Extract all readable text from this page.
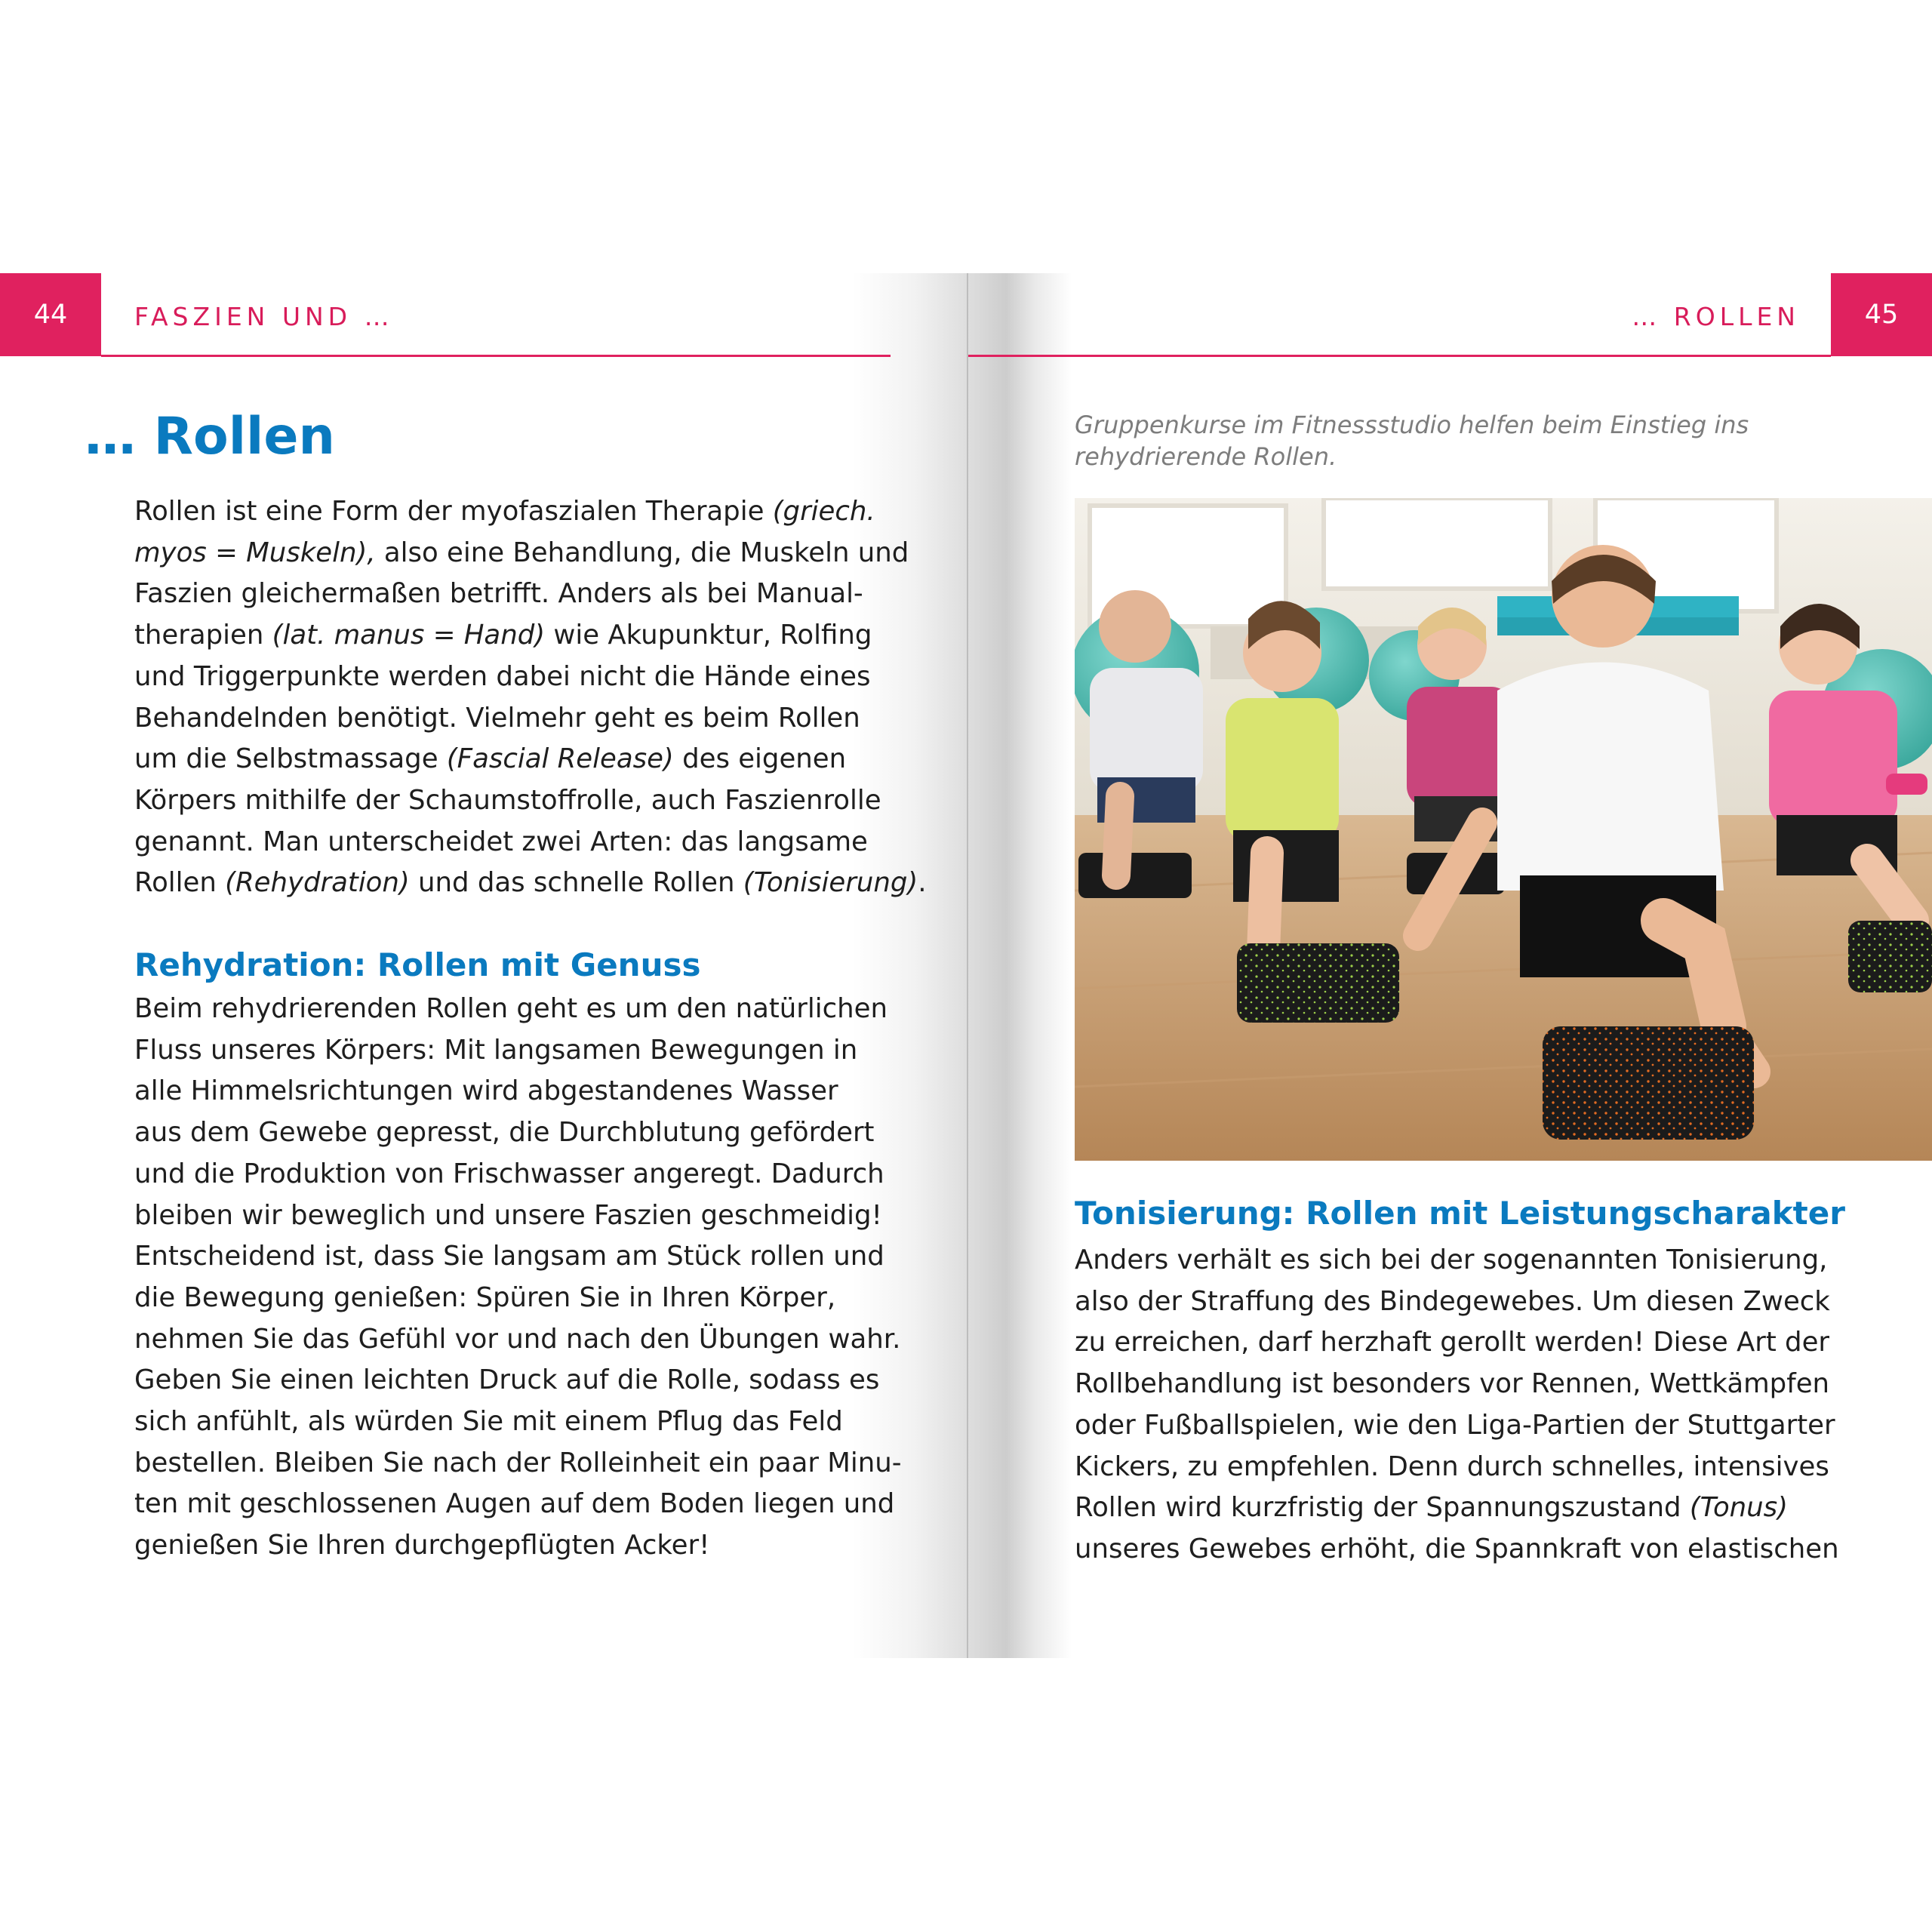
44	FASZIEN UND …	45
… ROLLEN
… Rollen
Rollen ist eine Form der myofaszialen Therapie (griech.
myos = Muskeln), also eine Behandlung, die Muskeln und
Faszien gleichermaßen betrifft. Anders als bei Manual-
therapien (lat. manus = Hand) wie Akupunktur, Rolfing
und Triggerpunkte werden dabei nicht die Hände eines
Behandelnden benötigt. Vielmehr geht es beim Rollen
um die Selbstmassage (Fascial Release) des eigenen
Körpers mithilfe der Schaumstoffrolle, auch Faszienrolle
genannt. Man unterscheidet zwei Arten: das langsame
Rollen (Rehydration) und das schnelle Rollen (Tonisierung).
Rehydration: Rollen mit Genuss
Beim rehydrierenden Rollen geht es um den natürlichen
Fluss unseres Körpers: Mit langsamen Bewegungen in
alle Himmelsrichtungen wird abgestandenes Wasser
aus dem Gewebe gepresst, die Durchblutung gefördert
und die Produktion von Frischwasser angeregt. Dadurch
bleiben wir beweglich und unsere Faszien geschmeidig!
Entscheidend ist, dass Sie langsam am Stück rollen und
die Bewegung genießen: Spüren Sie in Ihren Körper,
nehmen Sie das Gefühl vor und nach den Übungen wahr.
Geben Sie einen leichten Druck auf die Rolle, sodass es
sich anfühlt, als würden Sie mit einem Pflug das Feld
bestellen. Bleiben Sie nach der Rolleinheit ein paar Minu-
ten mit geschlossenen Augen auf dem Boden liegen und
genießen Sie Ihren durchgepflügten Acker!
Gruppenkurse im Fitnessstudio helfen beim Einstieg ins
rehydrierende Rollen.
Tonisierung: Rollen mit Leistungscharakter
Anders verhält es sich bei der sogenannten Tonisierung,
also der Straffung des Bindegewebes. Um diesen Zweck
zu erreichen, darf herzhaft gerollt werden! Diese Art der
Rollbehandlung ist besonders vor Rennen, Wettkämpfen
oder Fußballspielen, wie den Liga-Partien der Stuttgarter
Kickers, zu empfehlen. Denn durch schnelles, intensives
Rollen wird kurzfristig der Spannungszustand (Tonus)
unseres Gewebes erhöht, die Spannkraft von elastischen
